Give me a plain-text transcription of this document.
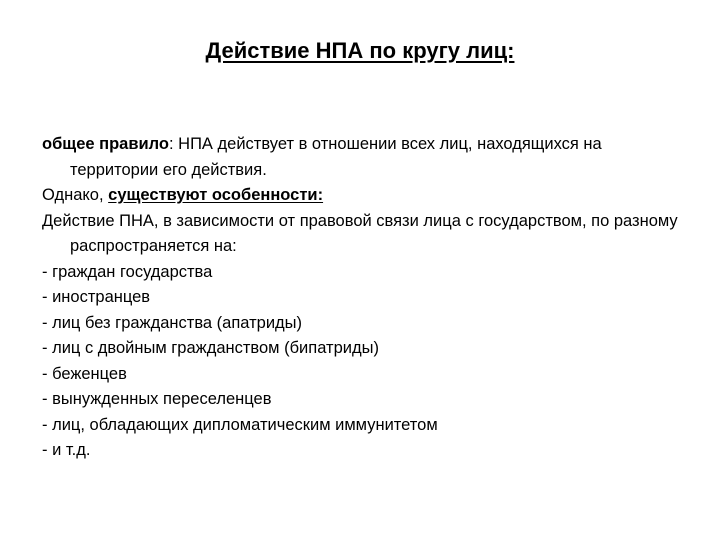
Действие НПА по кругу лиц:

общее правило: НПА действует в отношении всех лиц, находящихся на территории его действия.

Однако, существуют особенности:

Действие ПНА, в зависимости от правовой связи лица с государством, по разному распространяется на:

- граждан государства

- иностранцев

- лиц без гражданства (апатриды)

- лиц с двойным гражданством (бипатриды)

- беженцев

- вынужденных переселенцев

- лиц, обладающих дипломатическим иммунитетом

- и т.д.
